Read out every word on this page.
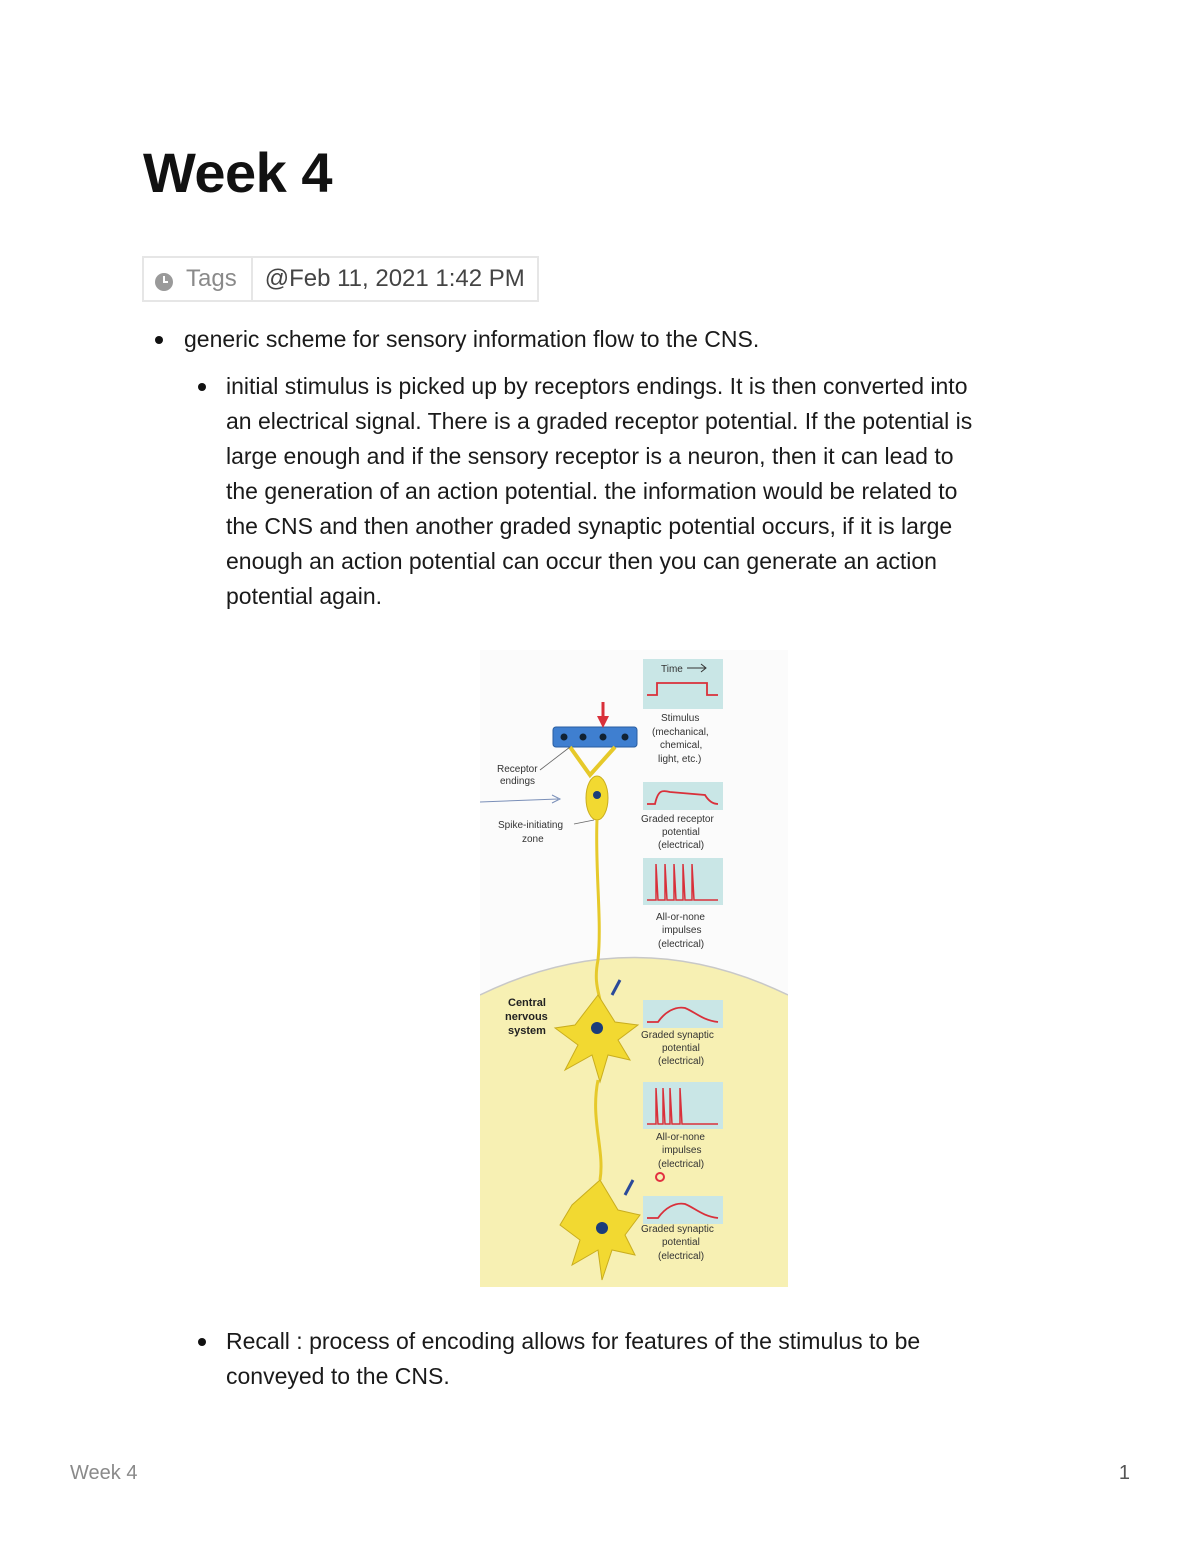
Week 4
Tags	@Feb 11, 2021 1:42 PM
generic scheme for sensory information flow to the CNS.
initial stimulus is picked up by receptors endings. It is then converted into
an electrical signal. There is a graded receptor potential. If the potential is
large enough and if the sensory receptor is a neuron, then it can lead to
the generation of an action potential. the information would be related to
the CNS and then another graded synaptic potential occurs, if it is large
enough an action potential can occur then you can generate an action
potential again.
Receptor
endings
Spike-initiating
zone
Central
nervous
system
Time
Stimulus
(mechanical,
chemical,
light, etc.)
Graded receptor
potential
(electrical)
All-or-none
impulses
(electrical)
Graded synaptic
potential
(electrical)
All-or-none
impulses
(electrical)
Graded synaptic
potential
(electrical)
Recall : process of encoding allows for features of the stimulus to be
conveyed to the CNS.
Week 4	1
